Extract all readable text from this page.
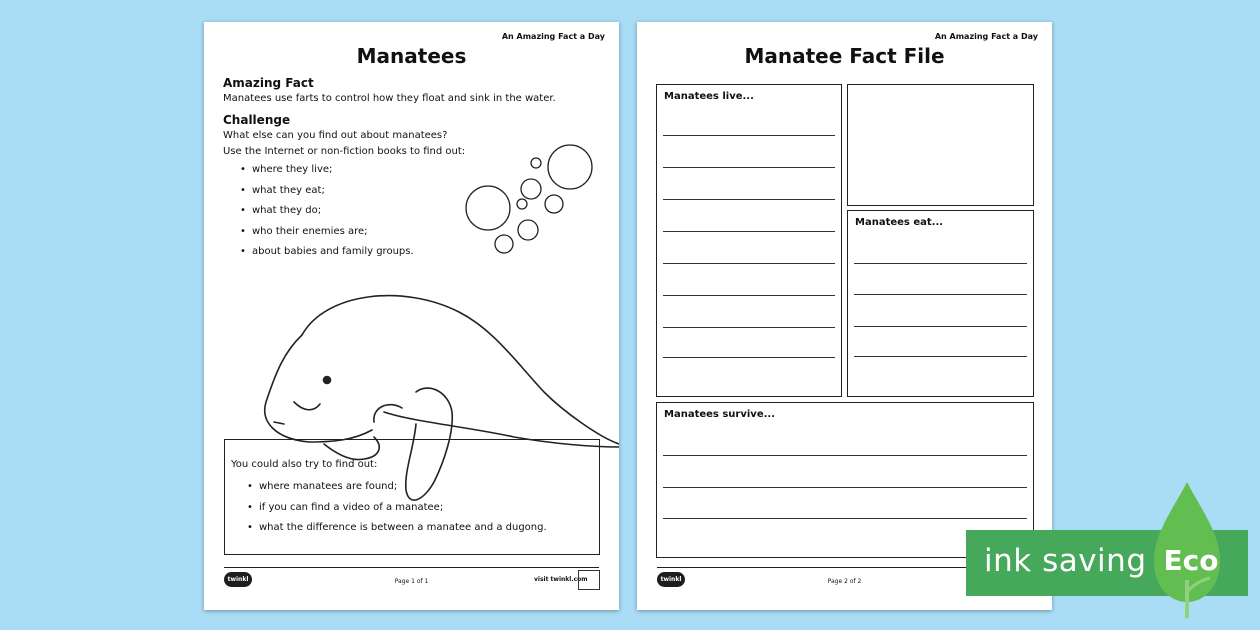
An Amazing Fact a Day
Manatees
Amazing Fact
Manatees use farts to control how they float and sink in the water.
Challenge
What else can you find out about manatees?
Use the Internet or non-fiction books to find out:
• where they live;
• what they eat;
• what they do;
• who their enemies are;
• about babies and family groups.
You could also try to find out:
• where manatees are found;
• if you can find a video of a manatee;
• what the difference is between a manatee and a dugong.
twinkl	Page 1 of 1	visit twinkl.com
An Amazing Fact a Day
Manatee Fact File
Manatees live...
Manatees eat...
Manatees survive...
twinkl	Page 2 of 2
ink saving Eco
